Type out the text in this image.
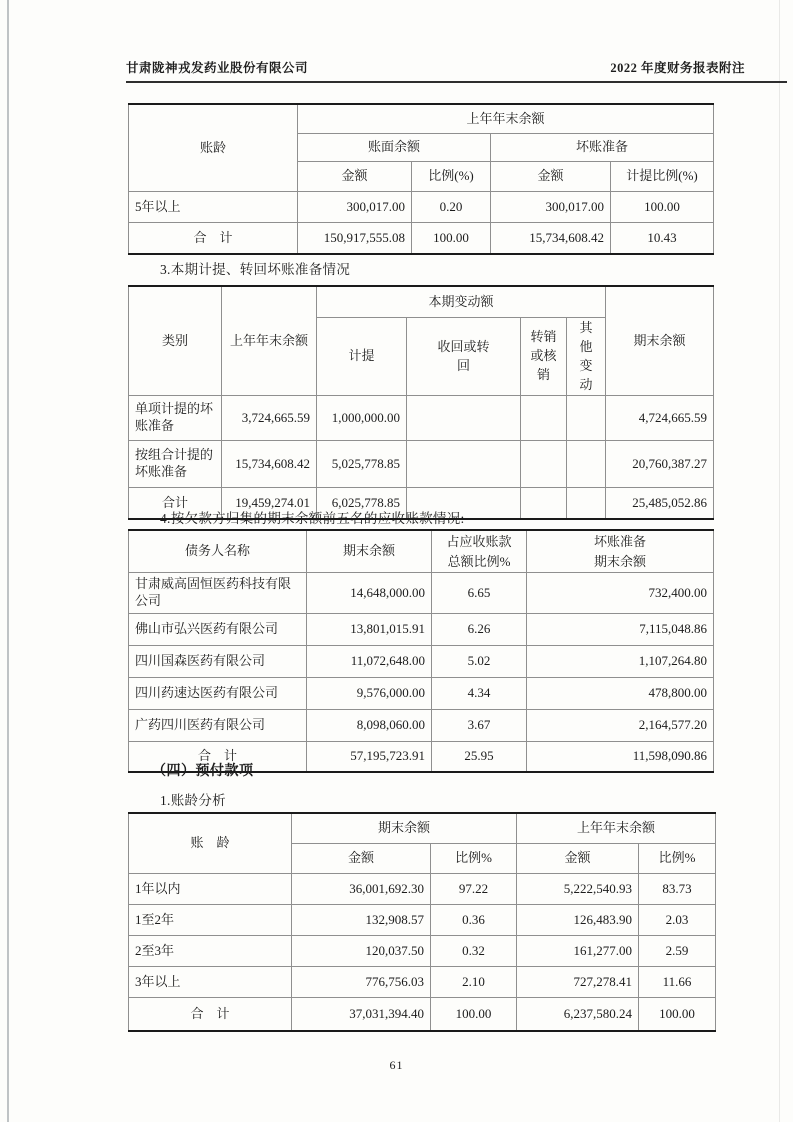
甘肃陇神戎发药业股份有限公司	2022 年度财务报表附注
账龄	上年年末余额			
	账面余额		坏账准备	
	金额	比例(%)	金额	计提比例(%)
5年以上	300,017.00	0.20	300,017.00	100.00
合　计	150,917,555.08	100.00	15,734,608.42	10.43
3.本期计提、转回坏账准备情况
类别	上年年末余额	本期变动额				期末余额
		计提	收回或转回	转销或核销	其他变动	
单项计提的坏账准备	3,724,665.59	1,000,000.00				4,724,665.59
按组合计提的坏账准备	15,734,608.42	5,025,778.85				20,760,387.27
合计	19,459,274.01	6,025,778.85				25,485,052.86
4.按欠款方归集的期末余额前五名的应收账款情况:
债务人名称	期末余额	占应收账款总额比例%	坏账准备期末余额
甘肃威高固恒医药科技有限公司	14,648,000.00	6.65	732,400.00
佛山市弘兴医药有限公司	13,801,015.91	6.26	7,115,048.86
四川国森医药有限公司	11,072,648.00	5.02	1,107,264.80
四川药速达医药有限公司	9,576,000.00	4.34	478,800.00
广药四川医药有限公司	8,098,060.00	3.67	2,164,577.20
合　计	57,195,723.91	25.95	11,598,090.86
（四）预付款项
1.账龄分析
账　龄	期末余额		上年年末余额	
	金额	比例%	金额	比例%
1年以内	36,001,692.30	97.22	5,222,540.93	83.73
1至2年	132,908.57	0.36	126,483.90	2.03
2至3年	120,037.50	0.32	161,277.00	2.59
3年以上	776,756.03	2.10	727,278.41	11.66
合　计	37,031,394.40	100.00	6,237,580.24	100.00
61
